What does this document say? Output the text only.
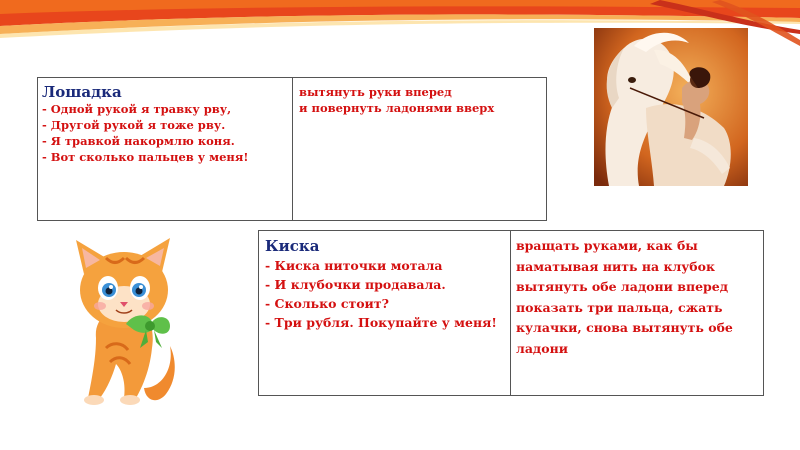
Лошадка
- Одной рукой я травку рву,
- Другой рукой я тоже рву.
- Я травкой накормлю коня.
- Вот сколько пальцев у меня!
вытянуть руки вперед
и повернуть ладонями вверх
Киска
- Киска ниточки мотала
- И клубочки продавала.
- Сколько стоит?
- Три рубля. Покупайте у меня!
вращать руками, как бы
наматывая нить на клубок
вытянуть обе ладони вперед
показать три пальца, сжать
кулачки, снова вытянуть обе
ладони
